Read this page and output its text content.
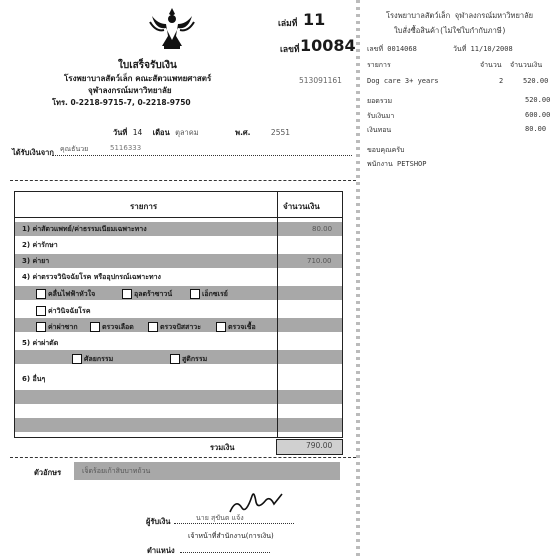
ใบเสร็จรับเงิน
โรงพยาบาลสัตว์เล็ก คณะสัตวแพทยศาสตร์
จุฬาลงกรณ์มหาวิทยาลัย
โทร. 0-2218-9715-7, 0-2218-9750
เล่มที่ 11
เลขที่ 10084
513091161
วันที่ 14 เดือน ตุลาคม	พ.ศ.	2551
ได้รับเงินจาก คุณธันวย	5116333
รายการ	จำนวนเงิน
1) ค่าสัตวแพทย์/ค่าธรรมเนียมเฉพาะทาง	80.00
2) ค่ารักษา
3) ค่ายา	710.00
4) ค่าตรวจวินิจฉัยโรค หรืออุปกรณ์เฉพาะทาง
คลื่นไฟฟ้าหัวใจ	อุลตร้าซาวน์	เอ็กซเรย์
ค่าวินิจฉัยโรค
ค่าผ่าซาก	ตรวจเลือด	ตรวจปัสสาวะ	ตรวจเชื้อ
5) ค่าผ่าตัด
ศัลยกรรม	สูติกรรม
6) อื่นๆ
รวมเงิน	790.00
ตัวอักษร	เจ็ดร้อยเก้าสิบบาทถ้วน
ผู้รับเงิน	นาย สุขันต แจ้ง
เจ้าหน้าที่สำนักงาน(การเงิน)
ตำแหน่ง
โรงพยาบาลสัตว์เล็ก จุฬาลงกรณ์มหาวิทยาลัย
ใบสั่งซื้อสินค้า(ไม่ใช่ใบกำกับภาษี)
เลขที่ 0014068	วันที่ 11/10/2008
รายการ	จำนวน จำนวนเงิน
Dog care 3+ years	2	520.00
ยอดรวม	520.00
รับเงินมา	600.00
เงินทอน	80.00
ขอบคุณครับ
พนักงาน PETSHOP
